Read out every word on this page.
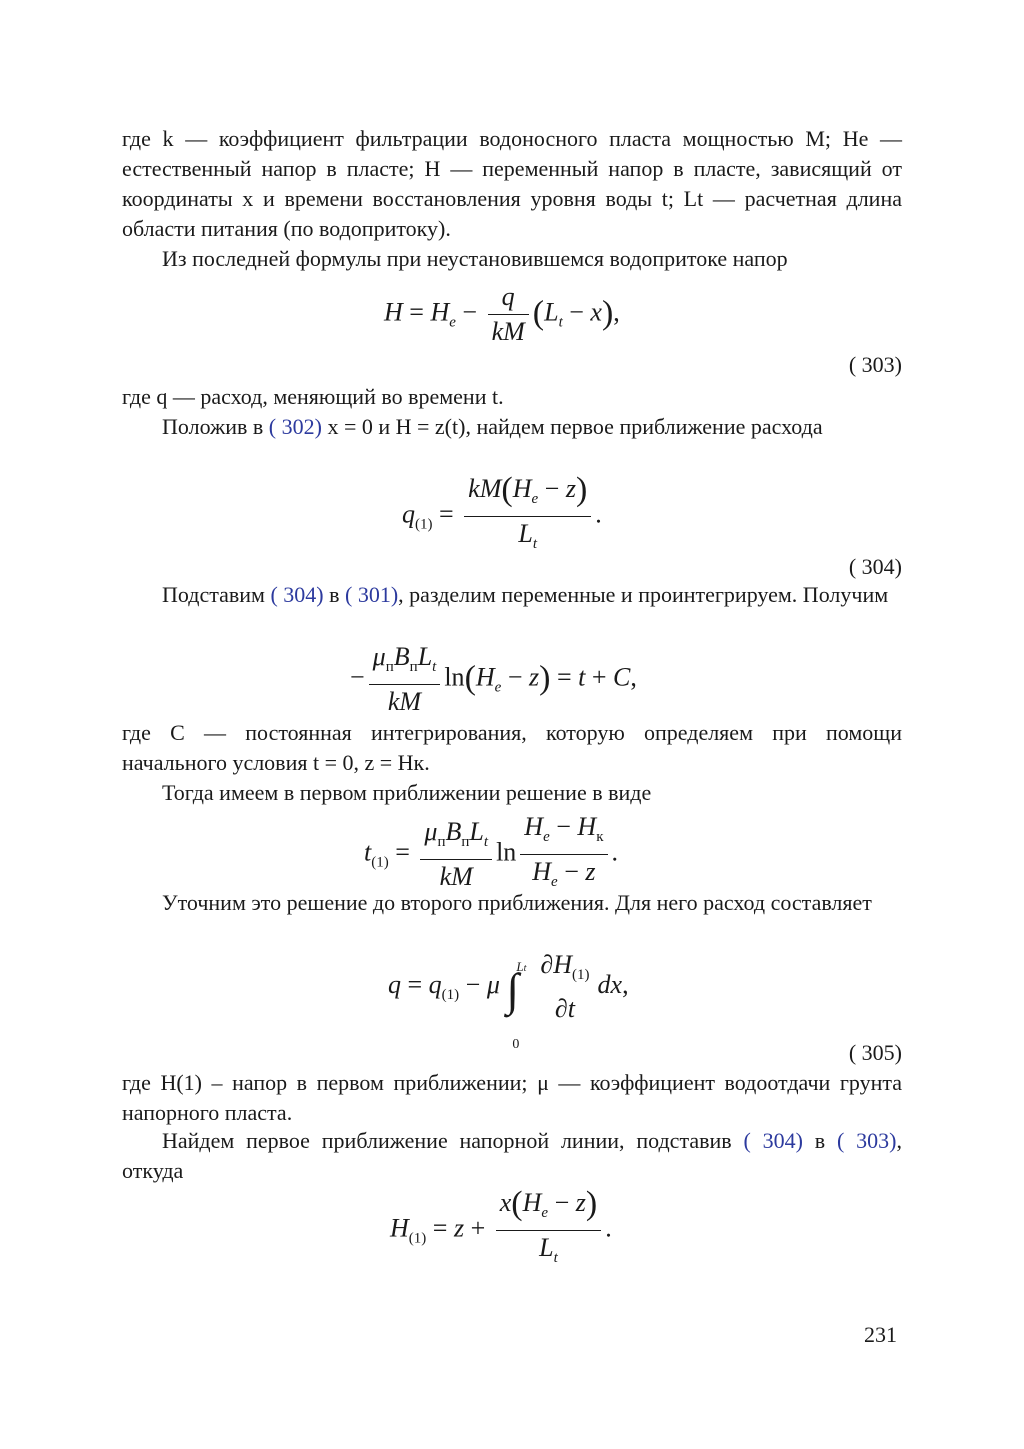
где k — коэффициент фильтрации водоносного пласта мощностью M; He — естественный напор в пласте; H — переменный напор в пласте, зависящий от координаты x и времени восстановления уровня воды t; Lt — расчетная длина области питания (по водопритоку).

Из последней формулы при неустановившемся водопритоке напор

$H = H_e - \frac{q}{kM} (L_t - x)$,
( 303)

где q — расход, меняющий во времени t.

Положив в ( 302) x = 0 и H = z(t), найдем первое приближение расхода

$q_{(1)} = \frac{kM(H_e - z)}{L_t}$ .
( 304)

Подставим ( 304) в ( 301), разделим переменные и проинтегрируем. Получим

− $\frac{\mu_пB_пL_t}{kM} \ln(H_e - z) = t + C$,

где C — постоянная интегрирования, которую определяем при помощи начального условия t = 0, z = Hк.

Тогда имеем в первом приближении решение в виде

$t_{(1)} = \frac{\mu_пB_пL_t}{kM}$ $\ln \frac{H_e - H_к}{H_e - z}$ .

Уточним это решение до второго приближения. Для него расход составляет

$q = q_{(1)} - \mu$ ∫
Lt
0
$\partial H_{(1)}$
∂t
dx,
( 305)

где H(1) – напор в первом приближении; μ — коэффициент водоотдачи грунта напорного пласта.

Найдем первое приближение напорной линии, подставив ( 304) в ( 303), откуда

$H_{(1)} = z + \frac{x(H_e - z)}{L_t}$ .
231
